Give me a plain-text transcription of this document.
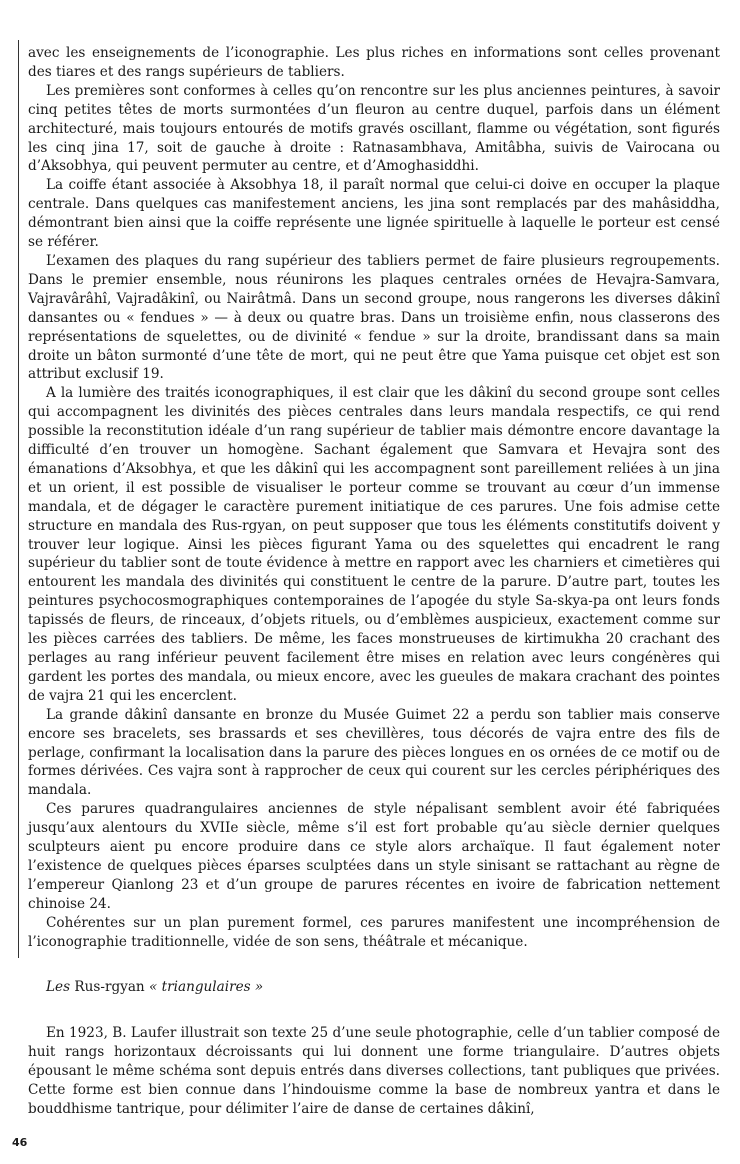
avec les enseignements de l’iconographie. Les plus riches en informations sont celles provenant des tiares et des rangs supérieurs de tabliers.

Les premières sont conformes à celles qu’on rencontre sur les plus anciennes peintures, à savoir cinq petites têtes de morts surmontées d’un fleuron au centre duquel, parfois dans un élément architecturé, mais toujours entourés de motifs gravés oscillant, flamme ou végétation, sont figurés les cinq jina 17, soit de gauche à droite : Ratnasambhava, Amitâbha, suivis de Vairocana ou d’Aksobhya, qui peuvent permuter au centre, et d’Amoghasiddhi.

La coiffe étant associée à Aksobhya 18, il paraît normal que celui-ci doive en occuper la plaque centrale. Dans quelques cas manifestement anciens, les jina sont remplacés par des mahâsiddha, démontrant bien ainsi que la coiffe représente une lignée spirituelle à laquelle le porteur est censé se référer.

L’examen des plaques du rang supérieur des tabliers permet de faire plusieurs regroupements. Dans le premier ensemble, nous réunirons les plaques centrales ornées de Hevajra-Samvara, Vajravârâhî, Vajradâkinî, ou Nairâtmâ. Dans un second groupe, nous rangerons les diverses dâkinî dansantes ou « fendues » — à deux ou quatre bras. Dans un troisième enfin, nous classerons des représentations de squelettes, ou de divinité « fendue » sur la droite, brandissant dans sa main droite un bâton surmonté d’une tête de mort, qui ne peut être que Yama puisque cet objet est son attribut exclusif 19.

A la lumière des traités iconographiques, il est clair que les dâkinî du second groupe sont celles qui accompagnent les divinités des pièces centrales dans leurs mandala respectifs, ce qui rend possible la reconstitution idéale d’un rang supérieur de tablier mais démontre encore davantage la difficulté d’en trouver un homogène. Sachant également que Samvara et Hevajra sont des émanations d’Aksobhya, et que les dâkinî qui les accompagnent sont pareillement reliées à un jina et un orient, il est possible de visualiser le porteur comme se trouvant au cœur d’un immense mandala, et de dégager le caractère purement initiatique de ces parures. Une fois admise cette structure en mandala des Rus-rgyan, on peut supposer que tous les éléments constitutifs doivent y trouver leur logique. Ainsi les pièces figurant Yama ou des squelettes qui encadrent le rang supérieur du tablier sont de toute évidence à mettre en rapport avec les charniers et cimetières qui entourent les mandala des divinités qui constituent le centre de la parure. D’autre part, toutes les peintures psychocosmographiques contemporaines de l’apogée du style Sa-skya-pa ont leurs fonds tapissés de fleurs, de rinceaux, d’objets rituels, ou d’emblèmes auspicieux, exactement comme sur les pièces carrées des tabliers. De même, les faces monstrueuses de kirtimukha 20 crachant des perlages au rang inférieur peuvent facilement être mises en relation avec leurs congénères qui gardent les portes des mandala, ou mieux encore, avec les gueules de makara crachant des pointes de vajra 21 qui les encerclent.

La grande dâkinî dansante en bronze du Musée Guimet 22 a perdu son tablier mais conserve encore ses bracelets, ses brassards et ses chevillères, tous décorés de vajra entre des fils de perlage, confirmant la localisation dans la parure des pièces longues en os ornées de ce motif ou de formes dérivées. Ces vajra sont à rapprocher de ceux qui courent sur les cercles périphériques des mandala.

Ces parures quadrangulaires anciennes de style népalisant semblent avoir été fabriquées jusqu’aux alentours du XVIIe siècle, même s’il est fort probable qu’au siècle dernier quelques sculpteurs aient pu encore produire dans ce style alors archaïque. Il faut également noter l’existence de quelques pièces éparses sculptées dans un style sinisant se rattachant au règne de l’empereur Qianlong 23 et d’un groupe de parures récentes en ivoire de fabrication nettement chinoise 24.

Cohérentes sur un plan purement formel, ces parures manifestent une incompréhension de l’iconographie traditionnelle, vidée de son sens, théâtrale et mécanique.

Les Rus-rgyan « triangulaires »

En 1923, B. Laufer illustrait son texte 25 d’une seule photographie, celle d’un tablier composé de huit rangs horizontaux décroissants qui lui donnent une forme triangulaire. D’autres objets épousant le même schéma sont depuis entrés dans diverses collections, tant publiques que privées. Cette forme est bien connue dans l’hindouisme comme la base de nombreux yantra et dans le bouddhisme tantrique, pour délimiter l’aire de danse de certaines dâkinî,

46
